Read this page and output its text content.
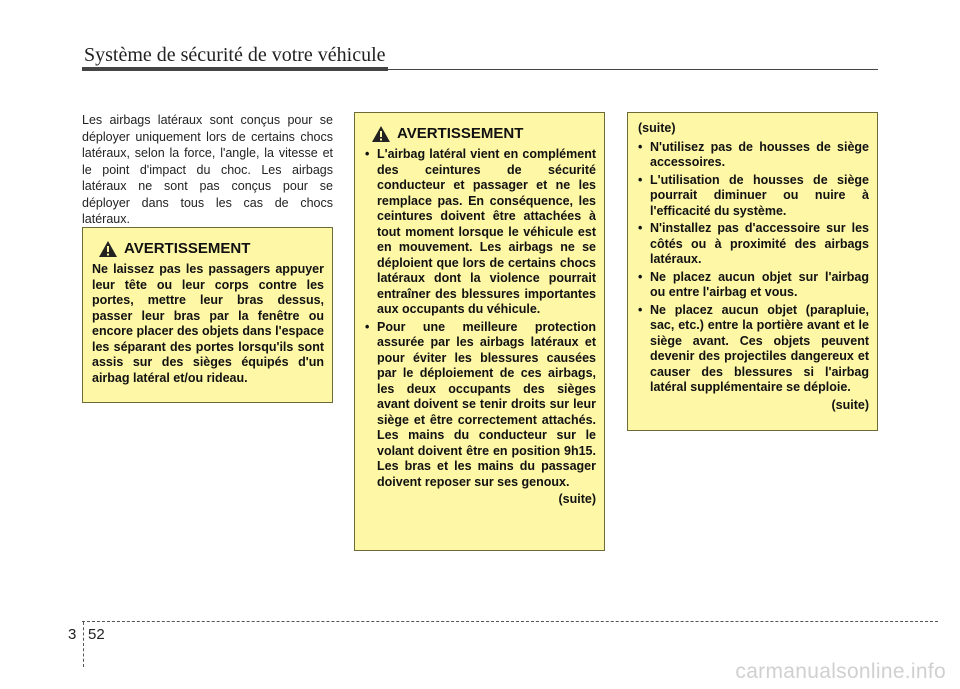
Système de sécurité de votre véhicule
Les airbags latéraux sont conçus pour se déployer uniquement lors de certains chocs latéraux, selon la force, l'angle, la vitesse et le point d'impact du choc. Les airbags latéraux ne sont pas conçus pour se déployer dans tous les cas de chocs latéraux.
AVERTISSEMENT
Ne laissez pas les passagers appuyer leur tête ou leur corps contre les portes, mettre leur bras dessus, passer leur bras par la fenêtre ou encore placer des objets dans l'espace les séparant des portes lorsqu'ils sont assis sur des sièges équipés d'un airbag latéral et/ou rideau.
AVERTISSEMENT
• L'airbag latéral vient en complément des ceintures de sécurité conducteur et passager et ne les remplace pas. En conséquence, les ceintures doivent être attachées à tout moment lorsque le véhicule est en mouvement. Les airbags ne se déploient que lors de certains chocs latéraux dont la violence pourrait entraîner des blessures importantes aux occupants du véhicule.
• Pour une meilleure protection assurée par les airbags latéraux et pour éviter les blessures causées par le déploiement de ces airbags, les deux occupants des sièges avant doivent se tenir droits sur leur siège et être correctement attachés. Les mains du conducteur sur le volant doivent être en position 9h15. Les bras et les mains du passager doivent reposer sur ses genoux.
(suite)
(suite)
• N'utilisez pas de housses de siège accessoires.
• L'utilisation de housses de siège pourrait diminuer ou nuire à l'efficacité du système.
• N'installez pas d'accessoire sur les côtés ou à proximité des airbags latéraux.
• Ne placez aucun objet sur l'airbag ou entre l'airbag et vous.
• Ne placez aucun objet (parapluie, sac, etc.) entre la portière avant et le siège avant. Ces objets peuvent devenir des projectiles dangereux et causer des blessures si l'airbag latéral supplémentaire se déploie.
(suite)
3 52
carmanualsonline.info
